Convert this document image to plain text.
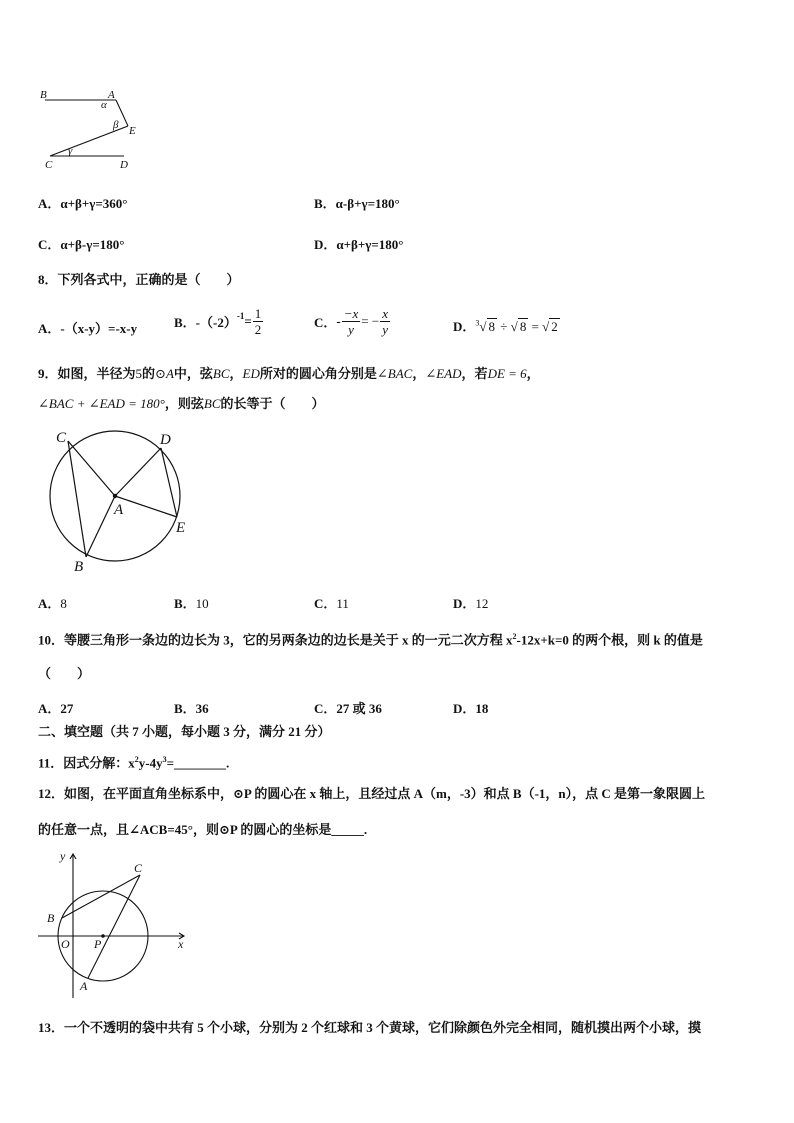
B	A
α
β E
C
γ
D
A．α+β+γ=360°	B．α-β+γ=180°
C．α+β-γ=180°	D．α+β+γ=180°
8．下列各式中，正确的是（　　）
A．-（x-y）=-x-y	B．$-(-2)^{-1}= \frac{1}{2}$	C．- $\frac{-x}{y}$ = − $\frac{x}{y}$	D．$^3$√ 8 ÷ √ 8 = √ 2
9．如图，半径为5的⊙A中，弦BC，ED所对的圆心角分别是∠BAC，∠EAD，若DE = 6，
∠BAC + ∠EAD = 180°，则弦BC的长等于（　　）
C	D
A
E
B
A．8	B．10	C．11	D．12
10．等腰三角形一条边的边长为 3，它的另两条边的边长是关于 x 的一元二次方程 $x^2-12x+k=0$ 的两个根，则 k 的值是
（　　）
A．27	B．36	C．27 或 36	D．18
二、填空题（共 7 小题，每小题 3 分，满分 21 分）
11．因式分解：$x^2y-4y^3=\_\_\_\_\_\_\_\_$.
12．如图，在平面直角坐标系中，⊙P 的圆心在 x 轴上，且经过点 A（m，-3）和点 B（-1，n），点 C 是第一象限圆上
的任意一点，且∠ACB=45°，则⊙P 的圆心的坐标是_____.
y
x
B
C
O P
A
13．一个不透明的袋中共有 5 个小球，分别为 2 个红球和 3 个黄球，它们除颜色外完全相同，随机摸出两个小球，摸
